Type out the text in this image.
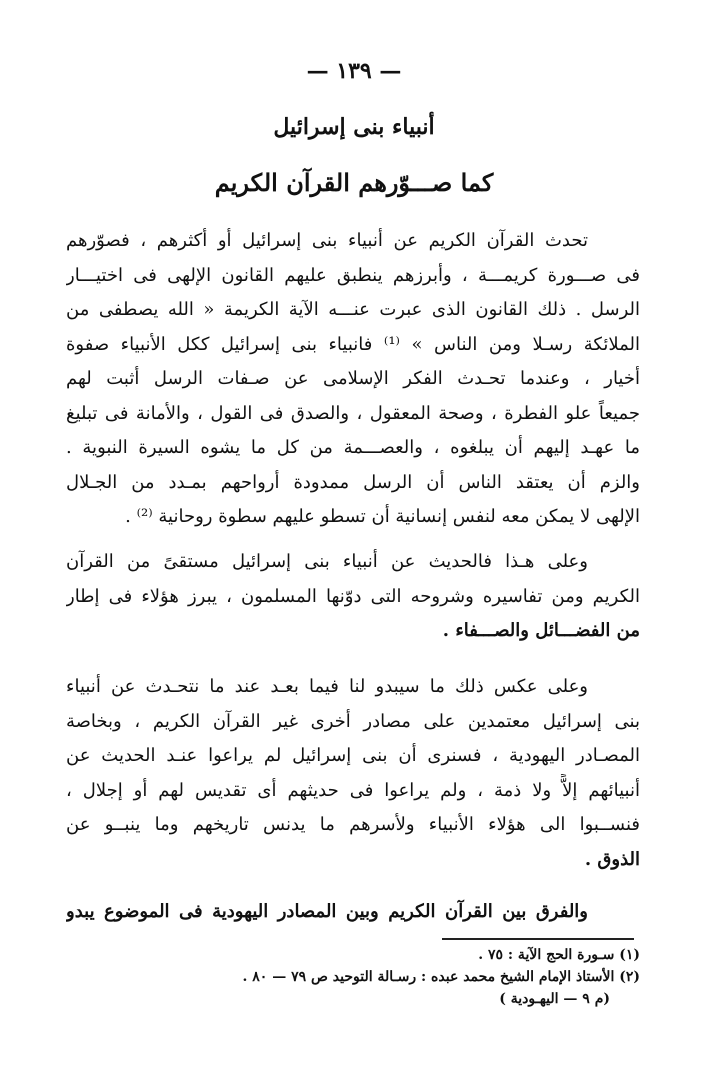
— ١٣٩ —
أنبياء بنى إسرائيل
كما صـــوّرهم القرآن الكريم
تحدث القرآن الكريم عن أنبياء بنى إسرائيل أو أكثرهم ، فصوّرهم
فى صـــورة كريمـــة ، وأبرزهم ينطبق عليهم القانون الإلهى فى اختيـــار
الرسل . ذلك القانون الذى عبرت عنـــه الآية الكريمة « الله يصطفى من
الملائكة رسـلا ومن الناس » ⁽¹⁾ فانبياء بنى إسرائيل ككل الأنبياء صفوة
أخيار ، وعندما تحـدث الفكر الإسلامى عن صـفات الرسل أثبت لهم
جميعاً علو الفطرة ، وصحة المعقول ، والصدق فى القول ، والأمانة فى تبليغ
ما عهـد إليهم أن يبلغوه ، والعصـــمة من كل ما يشوه السيرة النبوية .
والزم أن يعتقد الناس أن الرسل ممدودة أرواحهم بمـدد من الجـلال
الإلهى لا يمكن معه لنفس إنسانية أن تسطو عليهم سطوة روحانية ⁽²⁾ .
وعلى هـذا فالحديث عن أنبياء بنى إسرائيل مستقىً من القرآن
الكريم ومن تفاسيره وشروحه التى دوّنها المسلمون ، يبرز هؤلاء فى إطار
من الفضـــائل والصـــفاء .
وعلى عكس ذلك ما سيبدو لنا فيما بعـد عند ما نتحـدث عن أنبياء
بنى إسرائيل معتمدين على مصادر أخرى غير القرآن الكريم ، وبخاصة
المصـادر اليهودية ، فسنرى أن بنى إسرائيل لم يراعوا عنـد الحديث عن
أنبيائهم إلاًّ ولا ذمة ، ولم يراعوا فى حديثهم أى تقديس لهم أو إجلال ،
فنســبوا الى هؤلاء الأنبياء ولأسرهم ما يدنس تاريخهم وما ينبــو عن
الذوق .
والفرق بين القرآن الكريم وبين المصادر اليهودية فى الموضوع يبدو
(١) سـورة الحج الآية : ٧٥ .
(٢) الأستاذ الإمام الشيخ محمد عبده : رسـالة التوحيد ص ٧٩ — ٨٠ .
(م ٩ — اليهـودية )
